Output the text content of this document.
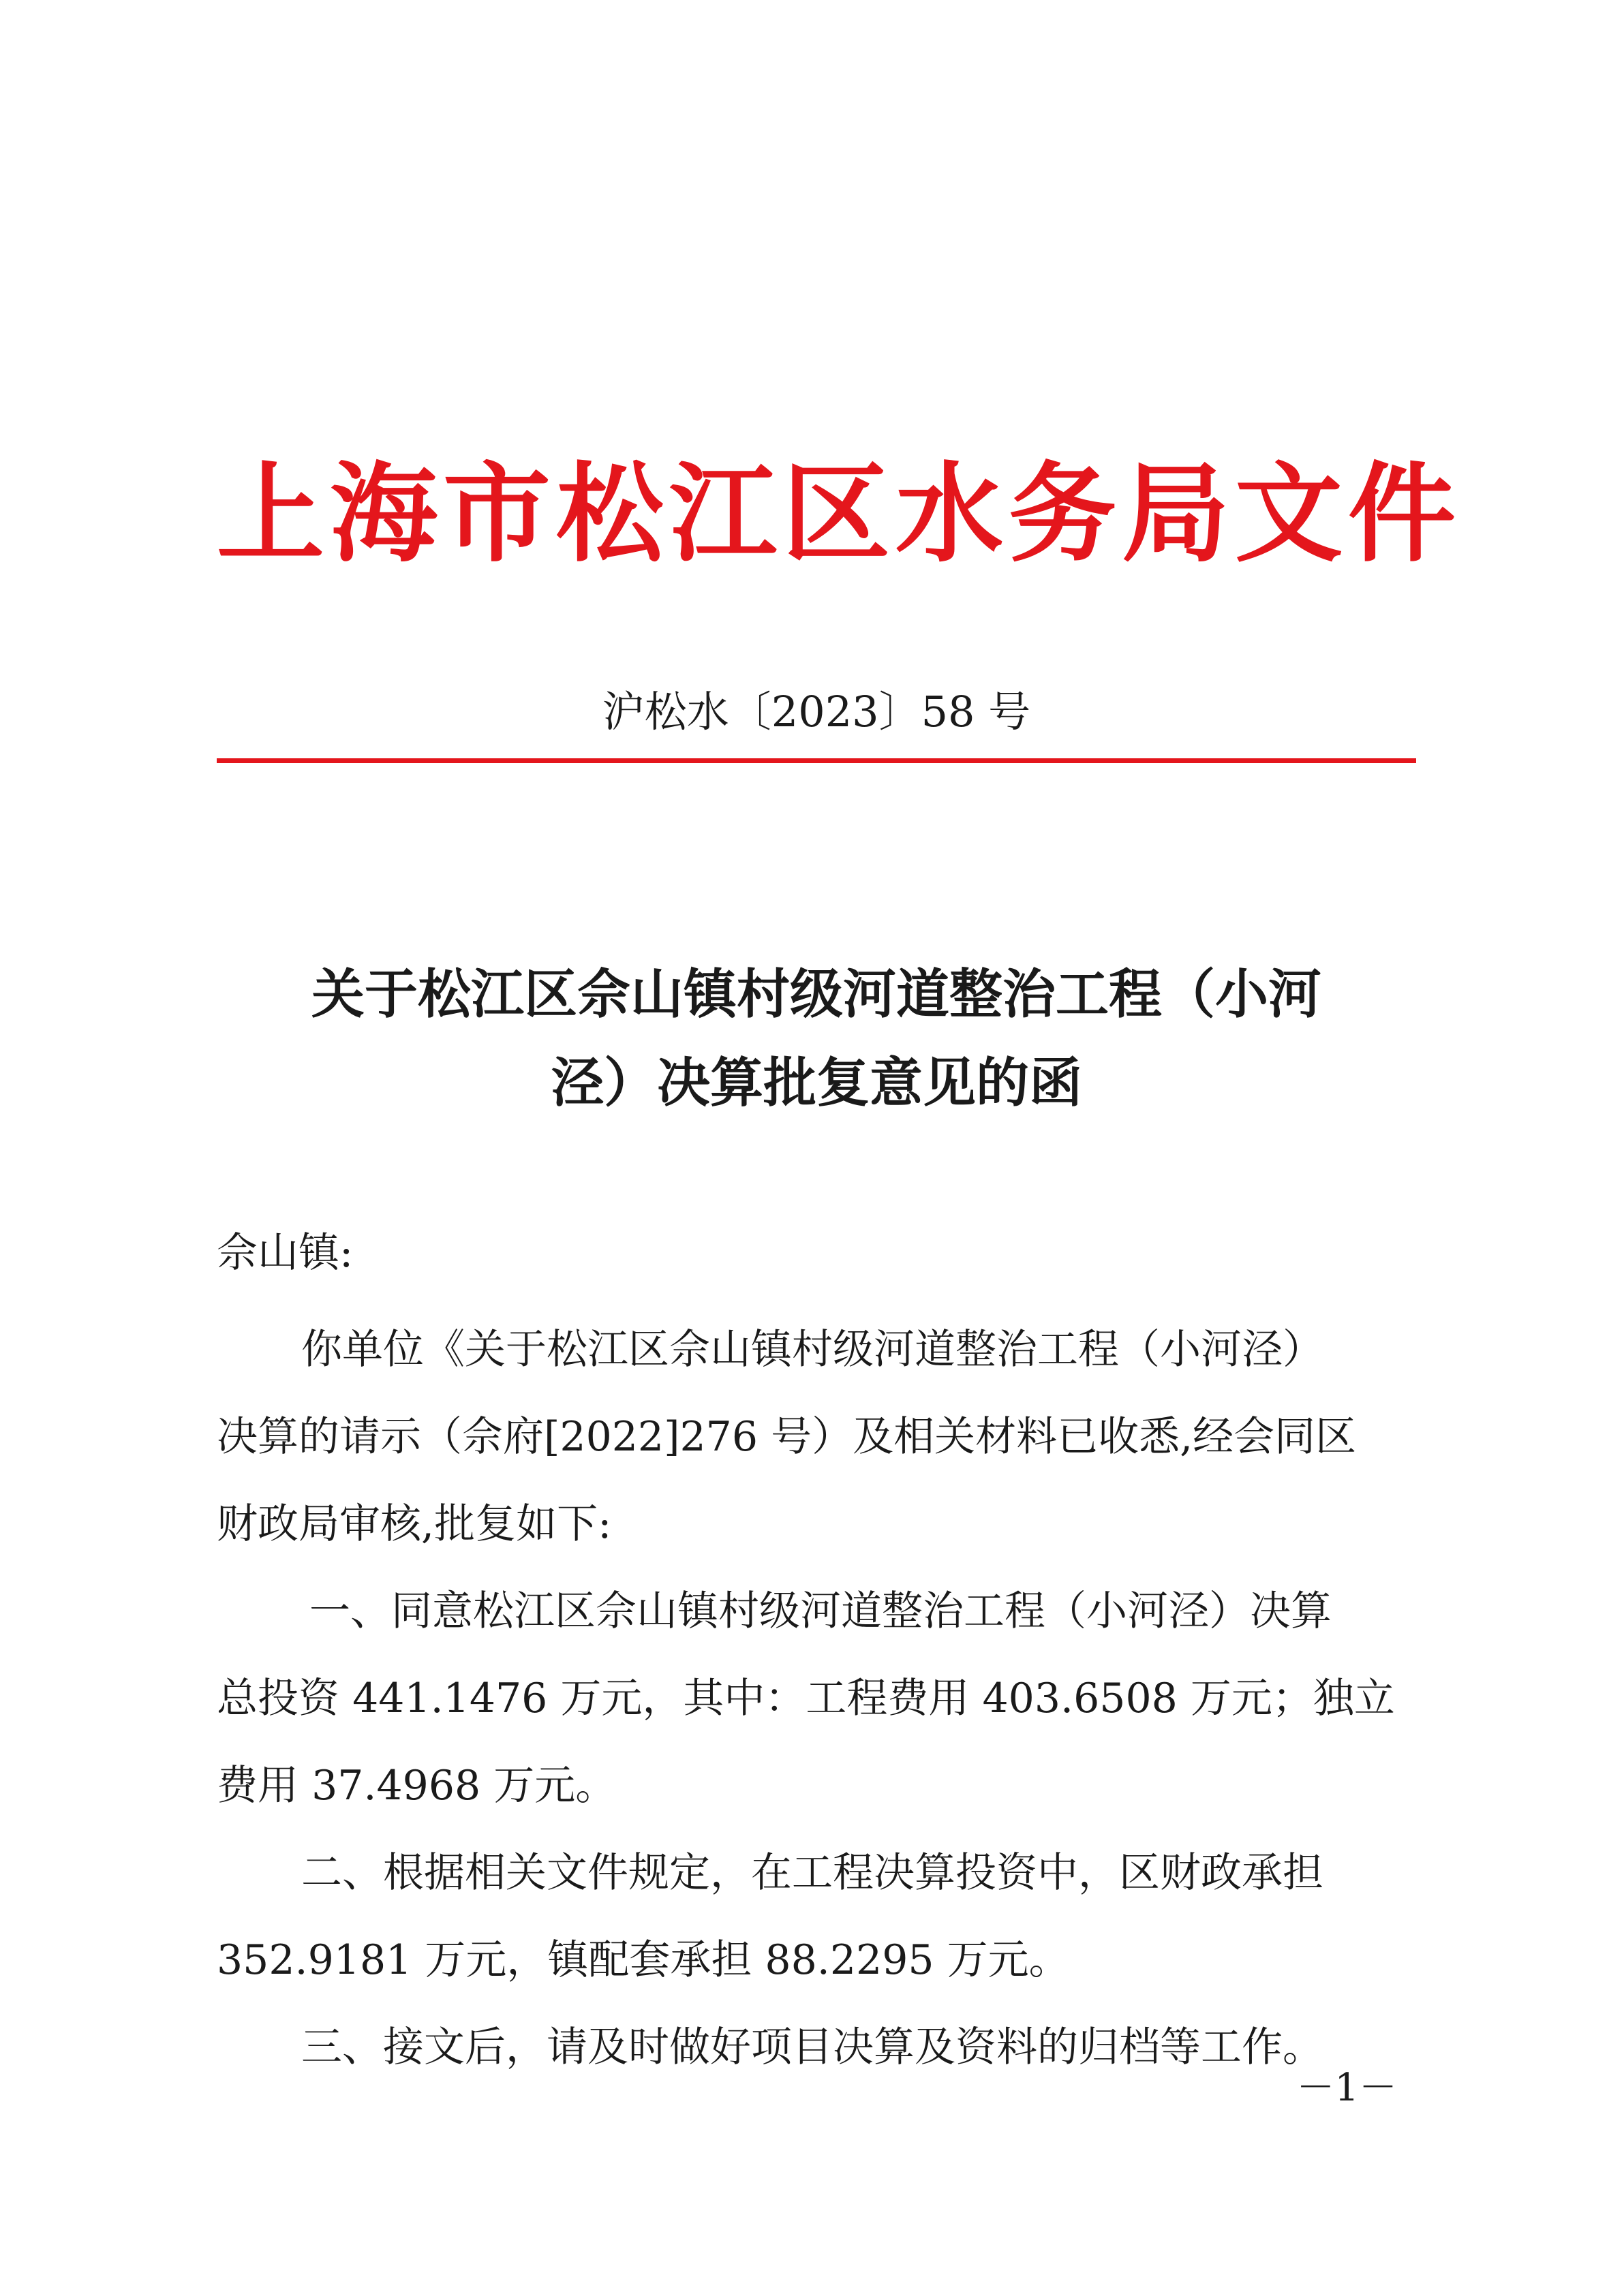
上海市松江区水务局文件
沪松水〔2023〕58 号
关于松江区佘山镇村级河道整治工程（小河
泾）决算批复意见的函
佘山镇:
你单位《关于松江区佘山镇村级河道整治工程（小河泾）
决算的请示（佘府[2022]276 号）及相关材料已收悉,经会同区
财政局审核,批复如下:
一、同意松江区佘山镇村级河道整治工程（小河泾）决算
总投资 441.1476 万元，其中：工程费用 403.6508 万元；独立
费用 37.4968 万元。
二、根据相关文件规定，在工程决算投资中，区财政承担
352.9181 万元，镇配套承担 88.2295 万元。
三、接文后，请及时做好项目决算及资料的归档等工作。
－1－
